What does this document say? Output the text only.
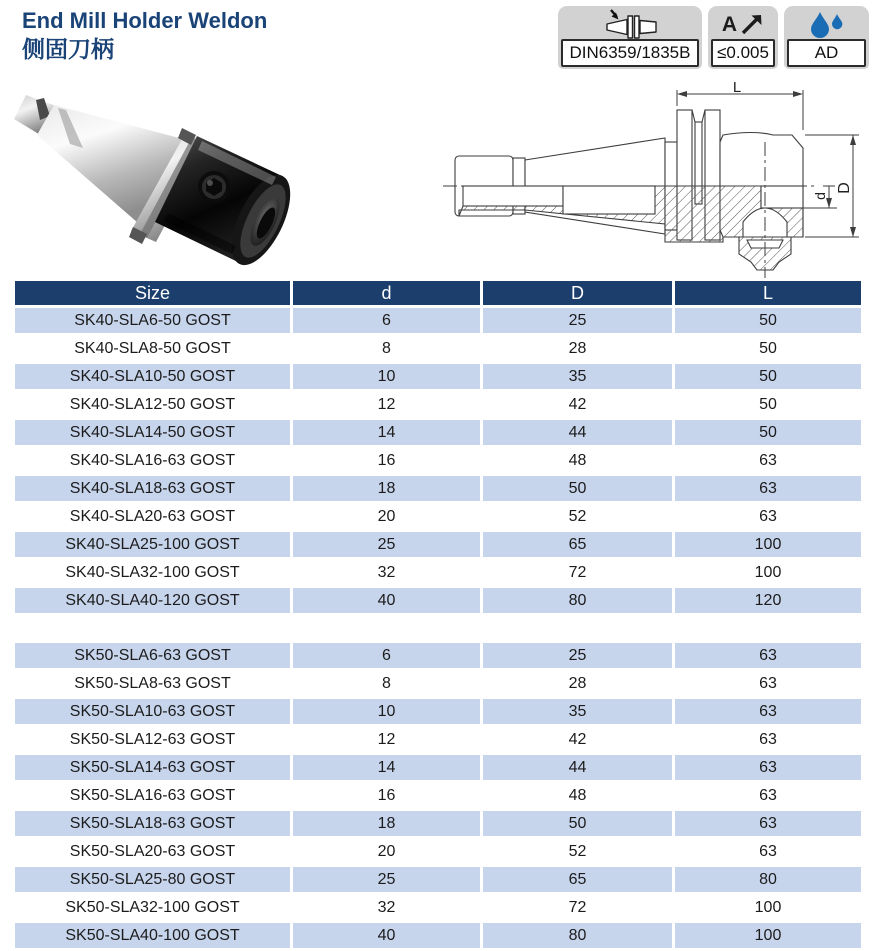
End Mill Holder Weldon
侧固刀柄	DIN6359/1835B
A
≤0.005	AD
L
d
D
Size	d	D	L
SK40-SLA6-50 GOST	6	25	50
SK40-SLA8-50 GOST	8	28	50
SK40-SLA10-50 GOST	10	35	50
SK40-SLA12-50 GOST	12	42	50
SK40-SLA14-50 GOST	14	44	50
SK40-SLA16-63 GOST	16	48	63
SK40-SLA18-63 GOST	18	50	63
SK40-SLA20-63 GOST	20	52	63
SK40-SLA25-100 GOST	25	65	100
SK40-SLA32-100 GOST	32	72	100
SK40-SLA40-120 GOST	40	80	120

SK50-SLA6-63 GOST	6	25	63
SK50-SLA8-63 GOST	8	28	63
SK50-SLA10-63 GOST	10	35	63
SK50-SLA12-63 GOST	12	42	63
SK50-SLA14-63 GOST	14	44	63
SK50-SLA16-63 GOST	16	48	63
SK50-SLA18-63 GOST	18	50	63
SK50-SLA20-63 GOST	20	52	63
SK50-SLA25-80 GOST	25	65	80
SK50-SLA32-100 GOST	32	72	100
SK50-SLA40-100 GOST	40	80	100
